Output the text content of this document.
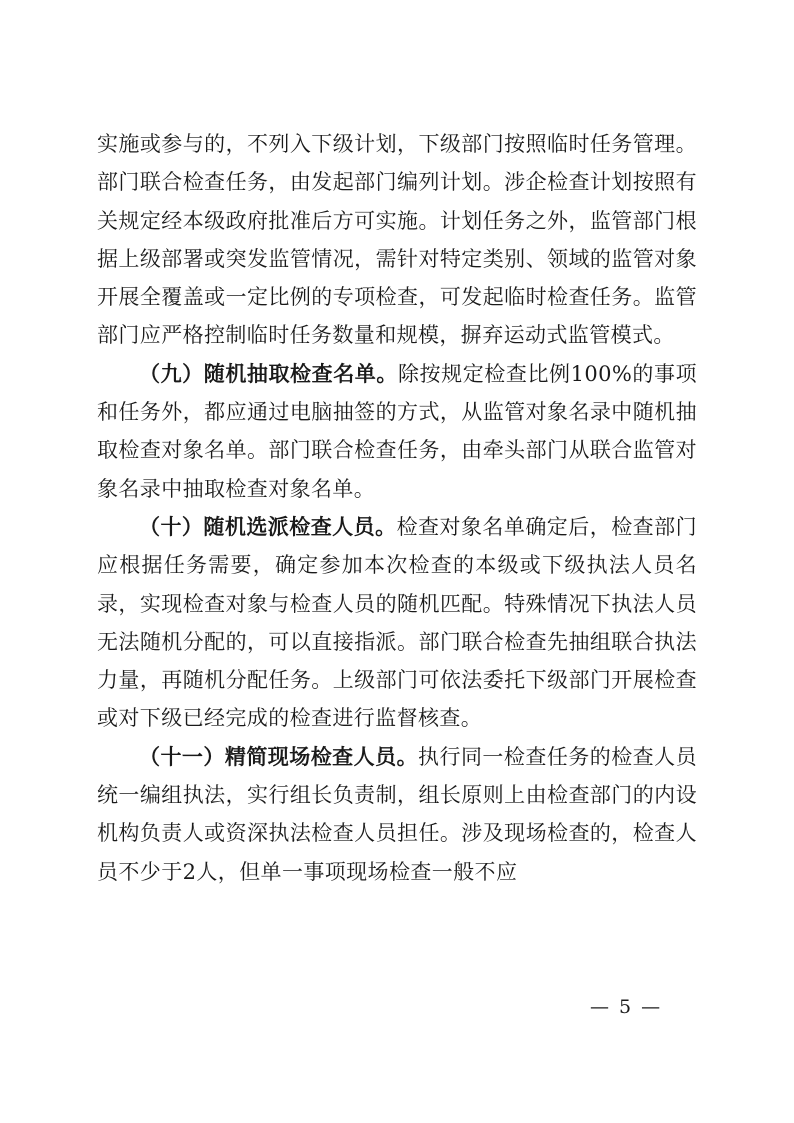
实施或参与的，不列入下级计划，下级部门按照临时任务管理。部门联合检查任务，由发起部门编列计划。涉企检查计划按照有关规定经本级政府批准后方可实施。计划任务之外，监管部门根据上级部署或突发监管情况，需针对特定类别、领域的监管对象开展全覆盖或一定比例的专项检查，可发起临时检查任务。监管部门应严格控制临时任务数量和规模，摒弃运动式监管模式。

（九）随机抽取检查名单。除按规定检查比例100%的事项和任务外，都应通过电脑抽签的方式，从监管对象名录中随机抽取检查对象名单。部门联合检查任务，由牵头部门从联合监管对象名录中抽取检查对象名单。

（十）随机选派检查人员。检查对象名单确定后，检查部门应根据任务需要，确定参加本次检查的本级或下级执法人员名录，实现检查对象与检查人员的随机匹配。特殊情况下执法人员无法随机分配的，可以直接指派。部门联合检查先抽组联合执法力量，再随机分配任务。上级部门可依法委托下级部门开展检查或对下级已经完成的检查进行监督核查。

（十一）精简现场检查人员。执行同一检查任务的检查人员统一编组执法，实行组长负责制，组长原则上由检查部门的内设机构负责人或资深执法检查人员担任。涉及现场检查的，检查人员不少于2人，但单一事项现场检查一般不应

— 5 —
